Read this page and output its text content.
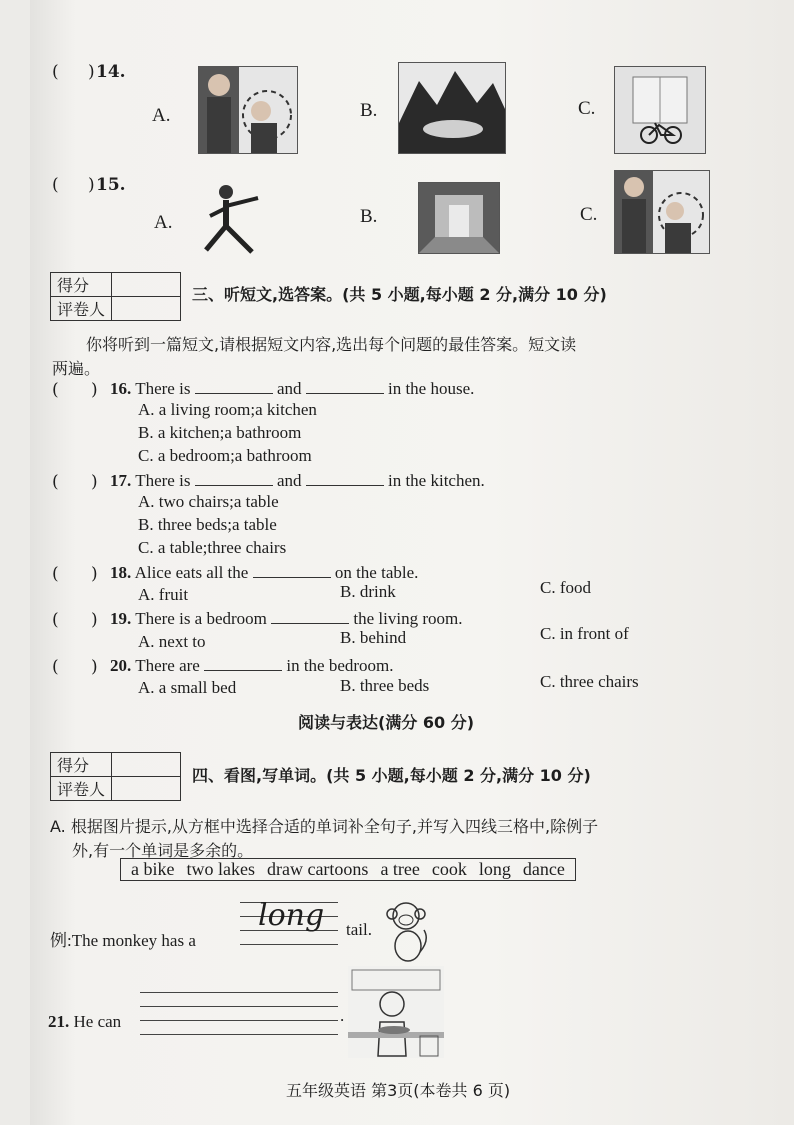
( ) 14.
A.	B.	C.
( ) 15.
A.	B.	C.
得分	
评卷人	
三、听短文,选答案。(共 5 小题,每小题 2 分,满分 10 分)
你将听到一篇短文,请根据短文内容,选出每个问题的最佳答案。短文读
两遍。
(      ) 16. There is	and	in the house.
A. a living room;a kitchen
B. a kitchen;a bathroom
C. a bedroom;a bathroom
(      ) 17. There is	and	in the kitchen.
A. two chairs;a table
B. three beds;a table
C. a table;three chairs
(      ) 18. Alice eats all the	on the table.
A. fruit	B. drink	C. food
(      ) 19. There is a bedroom	the living room.
A. next to	B. behind	C. in front of
(      ) 20. There are	in the bedroom.
A. a small bed	B. three beds	C. three chairs
阅读与表达(满分 60 分)
得分	
评卷人	
四、看图,写单词。(共 5 小题,每小题 2 分,满分 10 分)
A. 根据图片提示,从方框中选择合适的单词补全句子,并写入四线三格中,除例子
外,有一个单词是多余的。
a bike two lakes draw cartoons a tree cook long dance
例:The monkey has a
long tail.
21. He can	.
五年级英语 第3页(本卷共 6 页)
